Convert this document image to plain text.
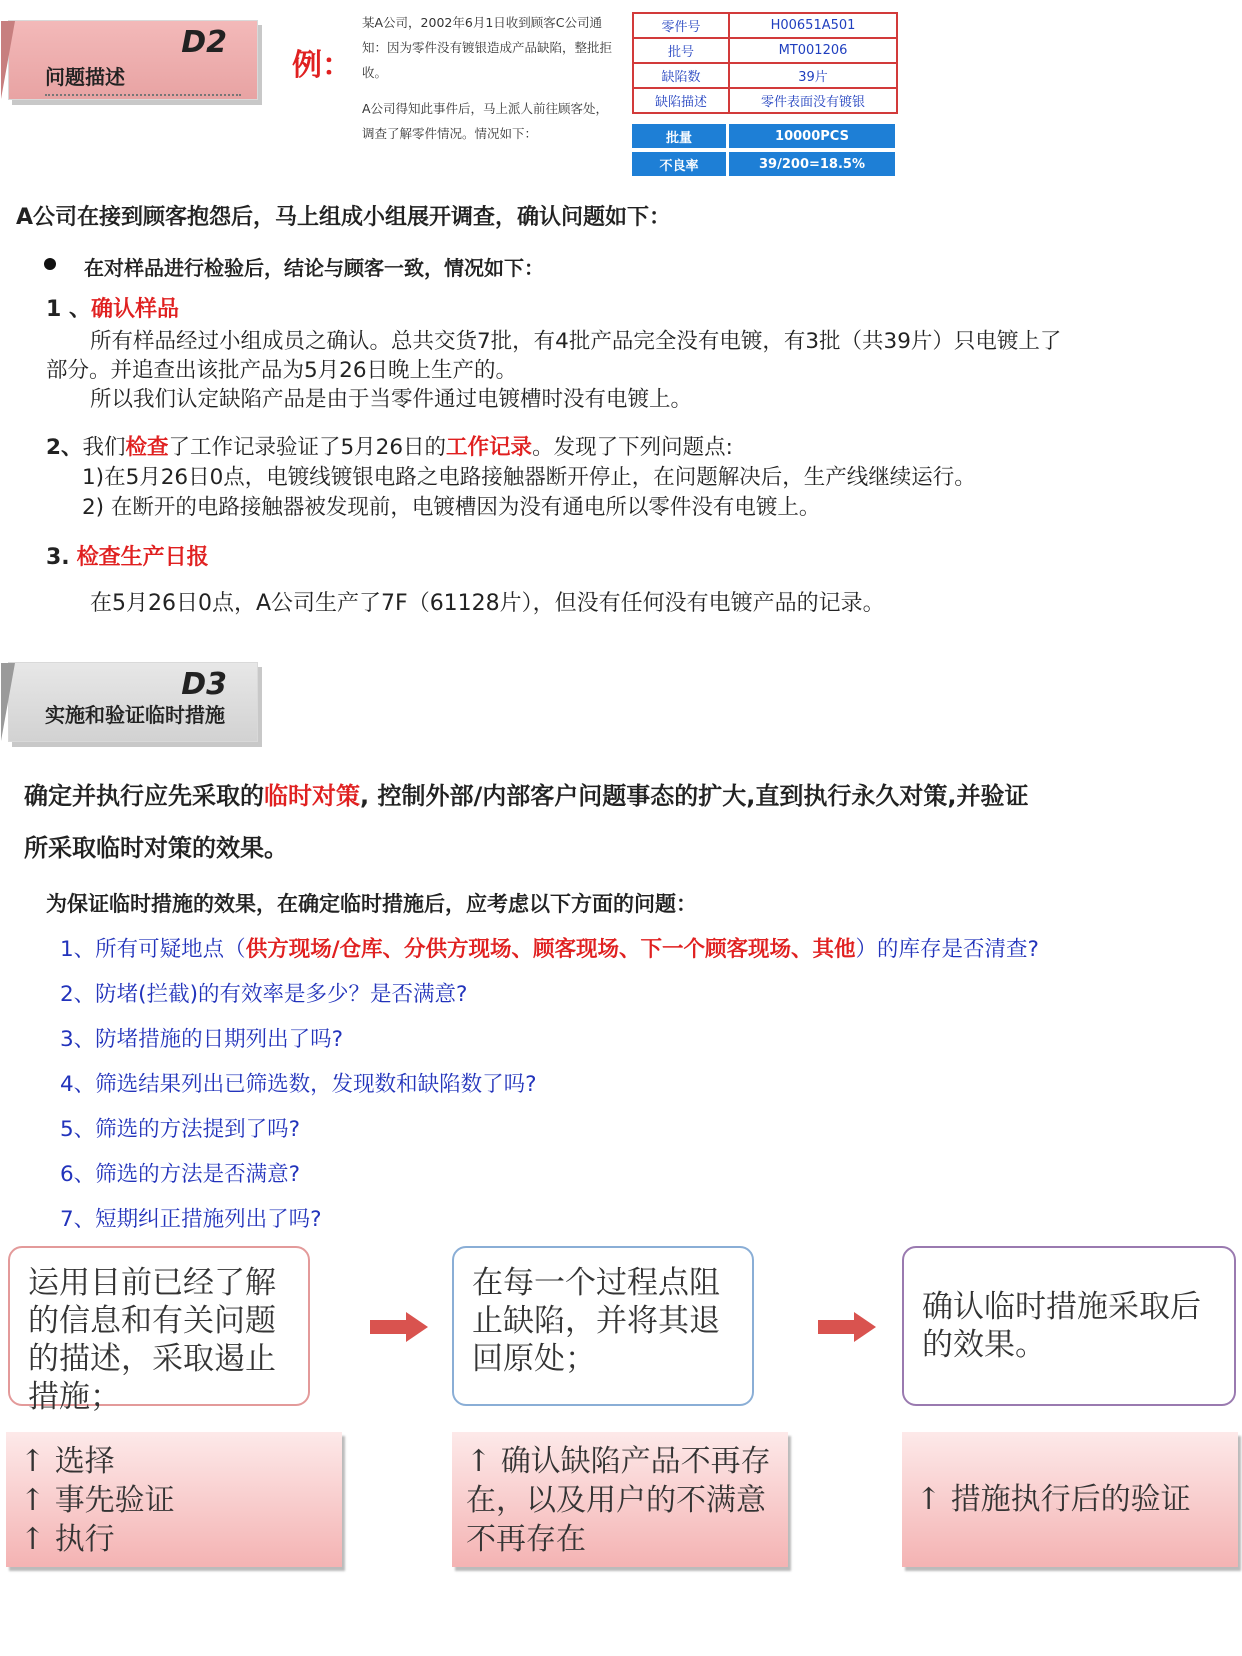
D2
问题描述	例：
某A公司，2002年6月1日收到顾客C公司通知：因为零件没有镀银造成产品缺陷，整批拒收。
A公司得知此事件后，马上派人前往顾客处，调查了解零件情况。情况如下：
零件号	H00651A501
批号	MT001206
缺陷数	39片
缺陷描述	零件表面没有镀银
批量	10000PCS
不良率	39/200=18.5%
A公司在接到顾客抱怨后，马上组成小组展开调查，确认问题如下：
在对样品进行检验后，结论与顾客一致，情况如下：
1 、确认样品
所有样品经过小组成员之确认。总共交货7批，有4批产品完全没有电镀，有3批（共39片）只电镀上了
部分。并追查出该批产品为5月26日晚上生产的。
所以我们认定缺陷产品是由于当零件通过电镀槽时没有电镀上。
2、我们检查了工作记录验证了5月26日的工作记录。发现了下列问题点:
1)在5月26日0点，电镀线镀银电路之电路接触器断开停止，在问题解决后，生产线继续运行。
2) 在断开的电路接触器被发现前，电镀槽因为没有通电所以零件没有电镀上。
3. 检查生产日报
在5月26日0点，A公司生产了7F（61128片），但没有任何没有电镀产品的记录。
D3
实施和验证临时措施
确定并执行应先采取的临时对策, 控制外部/内部客户问题事态的扩大,直到执行永久对策,并验证
所采取临时对策的效果。
为保证临时措施的效果，在确定临时措施后，应考虑以下方面的问题：
1、所有可疑地点（供方现场/仓库、分供方现场、顾客现场、下一个顾客现场、其他）的库存是否清查?
2、防堵(拦截)的有效率是多少？是否满意?
3、防堵措施的日期列出了吗?
4、筛选结果列出已筛选数，发现数和缺陷数了吗?
5、筛选的方法提到了吗?
6、筛选的方法是否满意?
7、短期纠正措施列出了吗?
运用目前已经了解的信息和有关问题的描述，采取遏止措施；
在每一个过程点阻止缺陷，并将其退回原处；
确认临时措施采取后的效果。
↑ 选择
↑ 事先验证
↑ 执行
↑ 确认缺陷产品不再存在，以及用户的不满意不再存在
↑ 措施执行后的验证
